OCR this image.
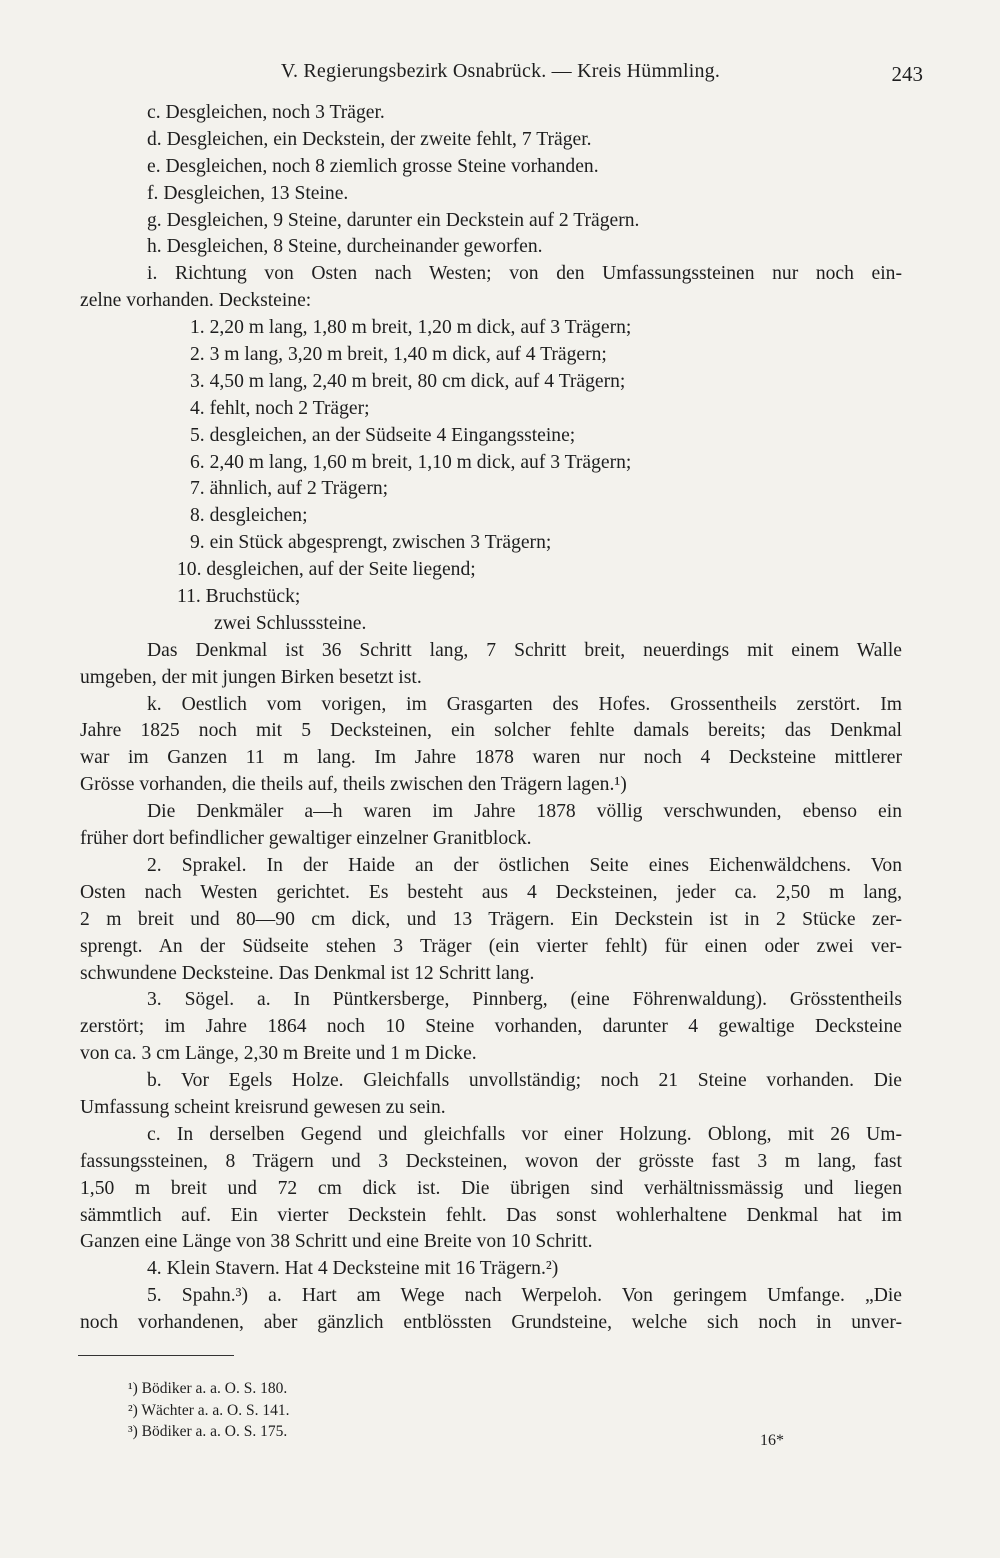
V. Regierungsbezirk Osnabrück. — Kreis Hümmling.	243
c. Desgleichen, noch 3 Träger.
d. Desgleichen, ein Deckstein, der zweite fehlt, 7 Träger.
e. Desgleichen, noch 8 ziemlich grosse Steine vorhanden.
f. Desgleichen, 13 Steine.
g. Desgleichen, 9 Steine, darunter ein Deckstein auf 2 Trägern.
h. Desgleichen, 8 Steine, durcheinander geworfen.
i. Richtung von Osten nach Westen; von den Umfassungssteinen nur noch ein-
zelne vorhanden. Decksteine:
1. 2,20 m lang, 1,80 m breit, 1,20 m dick, auf 3 Trägern;
2. 3 m lang, 3,20 m breit, 1,40 m dick, auf 4 Trägern;
3. 4,50 m lang, 2,40 m breit, 80 cm dick, auf 4 Trägern;
4. fehlt, noch 2 Träger;
5. desgleichen, an der Südseite 4 Eingangssteine;
6. 2,40 m lang, 1,60 m breit, 1,10 m dick, auf 3 Trägern;
7. ähnlich, auf 2 Trägern;
8. desgleichen;
9. ein Stück abgesprengt, zwischen 3 Trägern;
10. desgleichen, auf der Seite liegend;
11. Bruchstück;
zwei Schlusssteine.
Das Denkmal ist 36 Schritt lang, 7 Schritt breit, neuerdings mit einem Walle
umgeben, der mit jungen Birken besetzt ist.
k. Oestlich vom vorigen, im Grasgarten des Hofes. Grossentheils zerstört. Im
Jahre 1825 noch mit 5 Decksteinen, ein solcher fehlte damals bereits; das Denkmal
war im Ganzen 11 m lang. Im Jahre 1878 waren nur noch 4 Decksteine mittlerer
Grösse vorhanden, die theils auf, theils zwischen den Trägern lagen.¹)
Die Denkmäler a—h waren im Jahre 1878 völlig verschwunden, ebenso ein
früher dort befindlicher gewaltiger einzelner Granitblock.
2. Sprakel. In der Haide an der östlichen Seite eines Eichenwäldchens. Von
Osten nach Westen gerichtet. Es besteht aus 4 Decksteinen, jeder ca. 2,50 m lang,
2 m breit und 80—90 cm dick, und 13 Trägern. Ein Deckstein ist in 2 Stücke zer-
sprengt. An der Südseite stehen 3 Träger (ein vierter fehlt) für einen oder zwei ver-
schwundene Decksteine. Das Denkmal ist 12 Schritt lang.
3. Sögel. a. In Püntkersberge, Pinnberg, (eine Föhrenwaldung). Grösstentheils
zerstört; im Jahre 1864 noch 10 Steine vorhanden, darunter 4 gewaltige Decksteine
von ca. 3 cm Länge, 2,30 m Breite und 1 m Dicke.
b. Vor Egels Holze. Gleichfalls unvollständig; noch 21 Steine vorhanden. Die
Umfassung scheint kreisrund gewesen zu sein.
c. In derselben Gegend und gleichfalls vor einer Holzung. Oblong, mit 26 Um-
fassungssteinen, 8 Trägern und 3 Decksteinen, wovon der grösste fast 3 m lang, fast
1,50 m breit und 72 cm dick ist. Die übrigen sind verhältnissmässig und liegen
sämmtlich auf. Ein vierter Deckstein fehlt. Das sonst wohlerhaltene Denkmal hat im
Ganzen eine Länge von 38 Schritt und eine Breite von 10 Schritt.
4. Klein Stavern. Hat 4 Decksteine mit 16 Trägern.²)
5. Spahn.³) a. Hart am Wege nach Werpeloh. Von geringem Umfange. „Die
noch vorhandenen, aber gänzlich entblössten Grundsteine, welche sich noch in unver-
¹) Bödiker a. a. O. S. 180.
²) Wächter a. a. O. S. 141.
³) Bödiker a. a. O. S. 175.
16*
